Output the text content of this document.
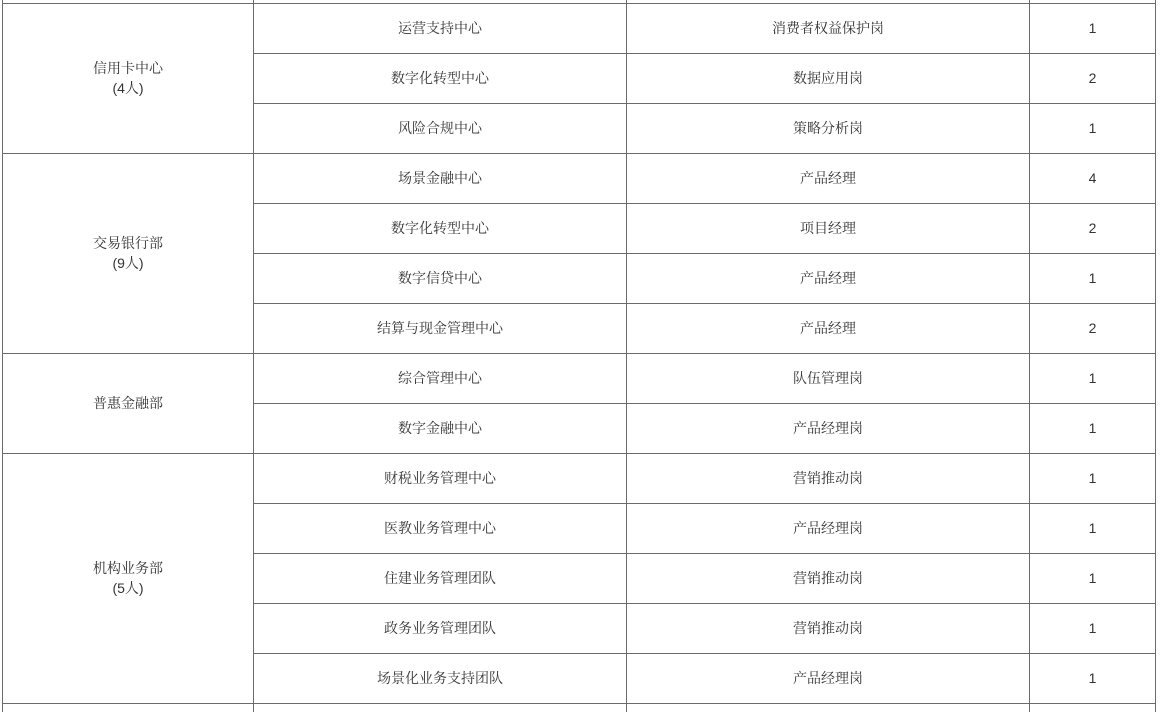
信用卡中心
(4人)	运营支持中心	消费者权益保护岗	1
	数字化转型中心	数据应用岗	2
	风险合规中心	策略分析岗	1

交易银行部
(9人)	场景金融中心	产品经理	4
	数字化转型中心	项目经理	2
	数字信贷中心	产品经理	1
	结算与现金管理中心	产品经理	2

普惠金融部	综合管理中心	队伍管理岗	1
	数字金融中心	产品经理岗	1

机构业务部
(5人)	财税业务管理中心	营销推动岗	1
	医教业务管理中心	产品经理岗	1
	住建业务管理团队	营销推动岗	1
	政务业务管理团队	营销推动岗	1
	场景化业务支持团队	产品经理岗	1
